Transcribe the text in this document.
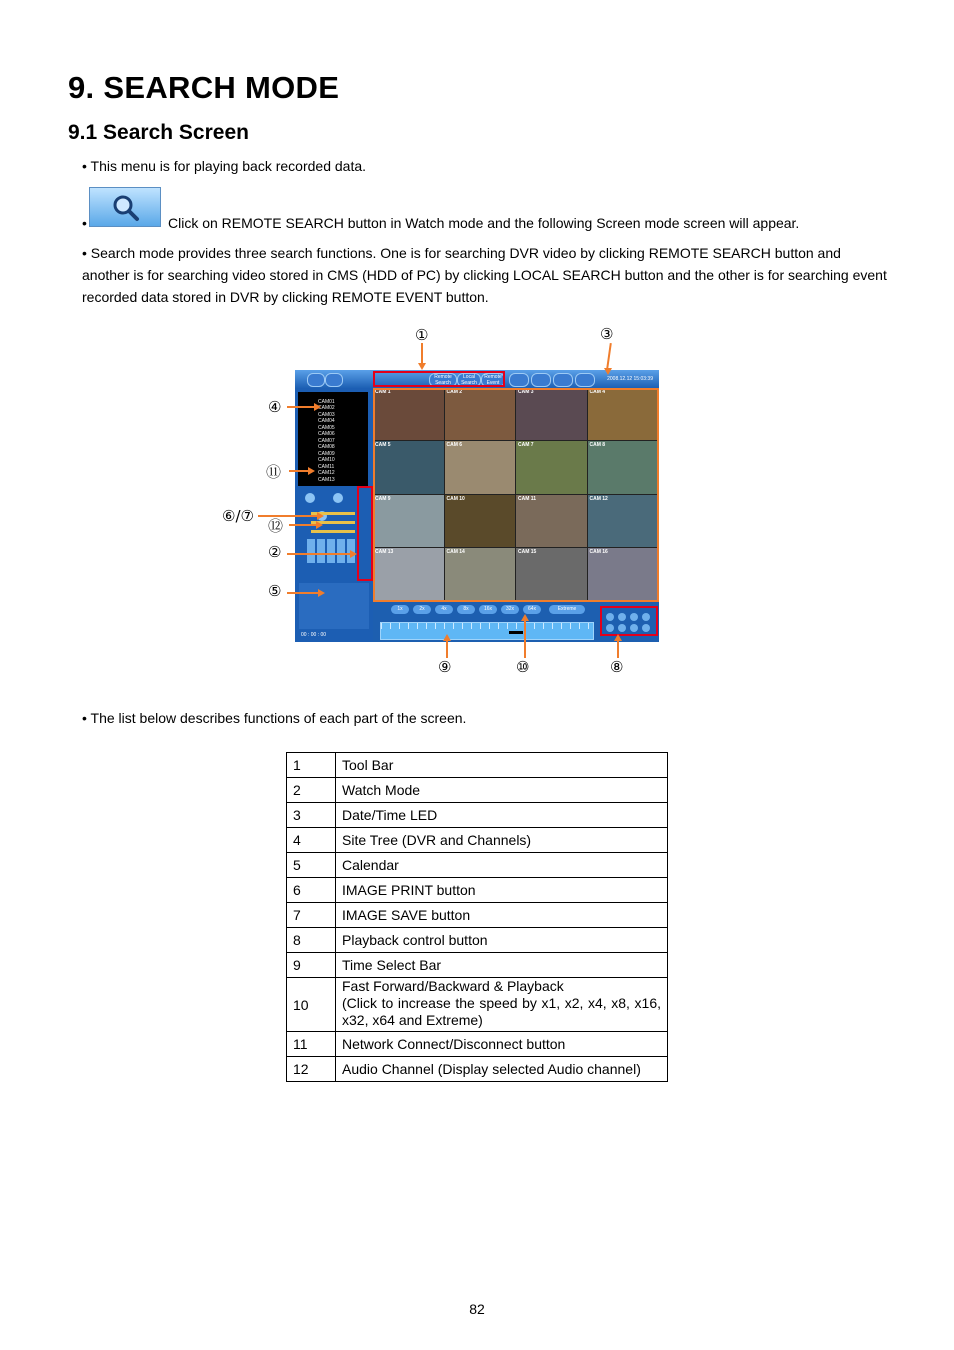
9. SEARCH MODE
9.1 Search Screen
• This menu is for playing back recorded data.
•	Click on REMOTE SEARCH button in Watch mode and the following Screen mode screen will appear.
• Search mode provides three search functions. One is for searching DVR video by clicking REMOTE SEARCH button and another is for searching video stored in CMS (HDD of PC) by clicking LOCAL SEARCH button and the other is for searching event recorded data stored in DVR by clicking REMOTE EVENT button.
Remote Search
Local Search
Remote Event
2008.12.12 15:03:39
CAM01
CAM02
CAM03
CAM04
CAM05
CAM06
CAM07
CAM08
CAM09
CAM10
CAM11
CAM12
CAM13

00 : 00 : 00
CAM 1	CAM 2	CAM 3	CAM 4
CAM 5	CAM 6	CAM 7	CAM 8
CAM 9	CAM 10	CAM 11	CAM 12
CAM 13	CAM 14	CAM 15	CAM 16
1x	2x	4x	8x	16x	32x	64x	Extreme
①
②
③
④
⑤
⑥/⑦
⑧
⑨	⑩
⑪
⑫
• The list below describes functions of each part of the screen.
1	Tool Bar
2	Watch Mode
3	Date/Time LED
4	Site Tree (DVR and Channels)
5	Calendar
6	IMAGE PRINT button
7	IMAGE SAVE button
8	Playback control button
9	Time Select Bar
10	Fast Forward/Backward & Playback
(Click to increase the speed by x1, x2, x4, x8, x16, x32, x64 and Extreme)

11	Network Connect/Disconnect button
12	Audio Channel (Display selected Audio channel)
82
